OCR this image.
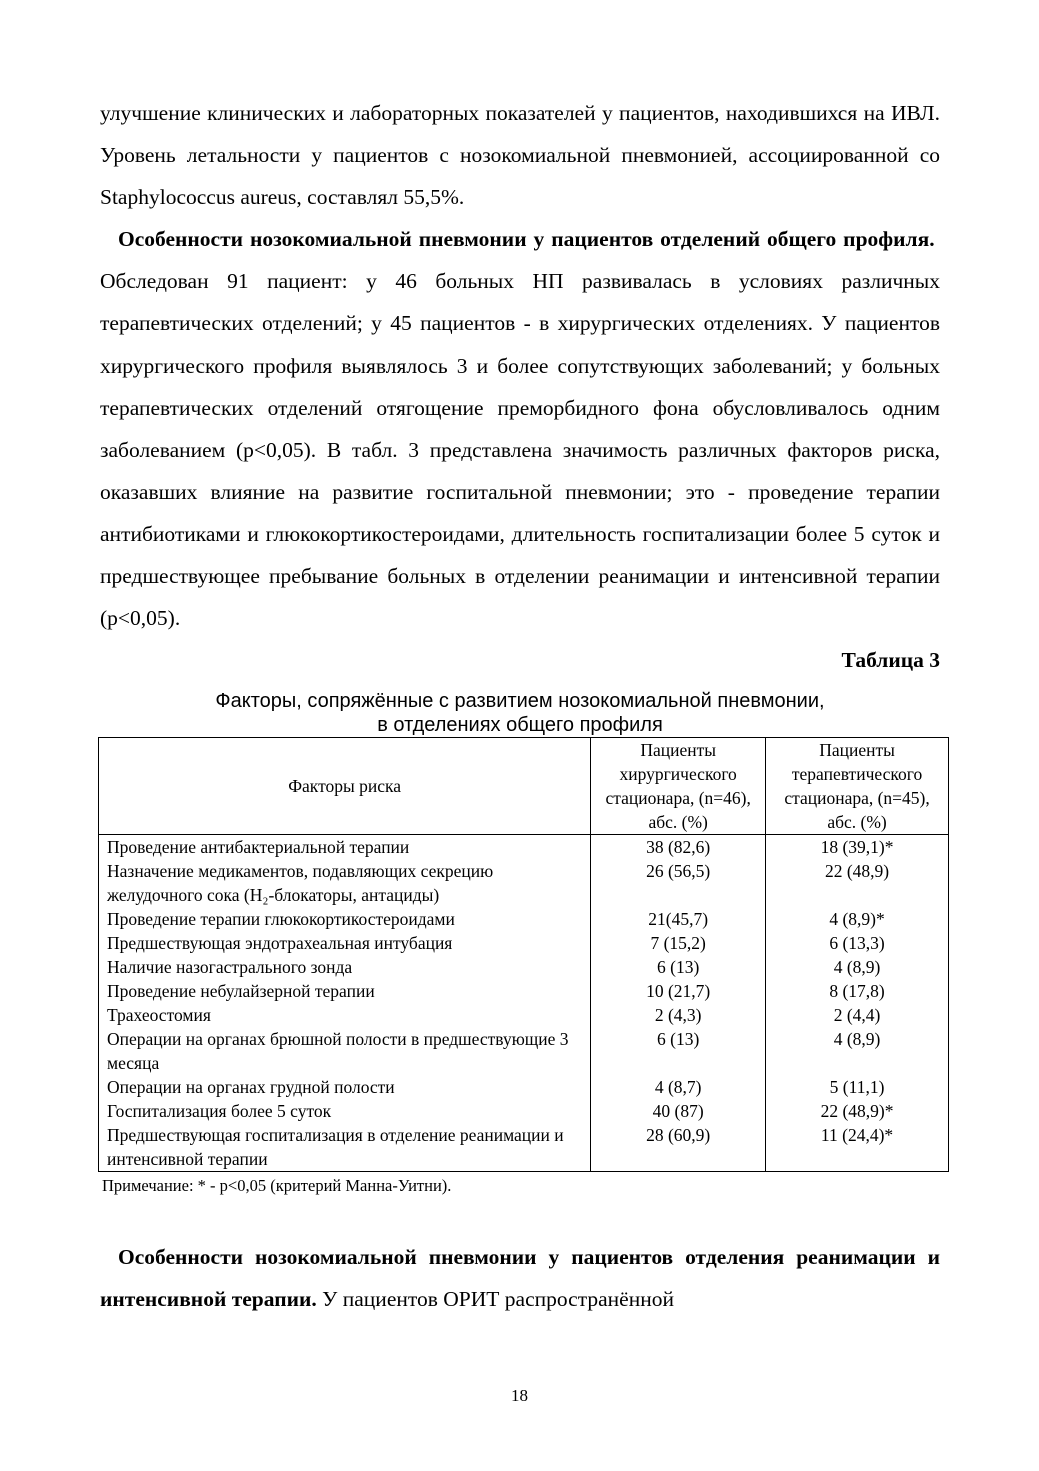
улучшение клинических и лабораторных показателей у пациентов, находившихся на ИВЛ. Уровень летальности у пациентов с нозокомиальной пневмонией, ассоциированной со Staphylococcus aureus, составлял 55,5%.

Особенности нозокомиальной пневмонии у пациентов отделений общего профиля.  Обследован 91 пациент: у 46 больных НП развивалась в условиях различных терапевтических отделений; у 45 пациентов - в хирургических отделениях. У пациентов хирургического профиля выявлялось 3 и более сопутствующих заболеваний; у больных терапевтических отделений отягощение преморбидного фона обусловливалось одним заболеванием (p<0,05). В табл. 3 представлена значимость различных факторов риска, оказавших влияние на развитие госпитальной пневмонии; это - проведение терапии антибиотиками и глюкокортикостероидами, длительность госпитализации более 5 суток и предшествующее пребывание больных в отделении реанимации и интенсивной терапии (p<0,05).

Таблица 3

Факторы, сопряжённые с развитием нозокомиальной пневмонии,
в отделениях общего профиля
Факторы риска	Пациенты хирургического стационара, (n=46), абс. (%)	Пациенты терапевтического стационара, (n=45), абс. (%)
Проведение антибактериальной терапии	38 (82,6)	18 (39,1)*
Назначение медикаментов, подавляющих секрецию желудочного сока (H₂-блокаторы, антациды)	26 (56,5)	22 (48,9)
Проведение терапии глюкокортикостероидами	21(45,7)	4 (8,9)*
Предшествующая эндотрахеальная интубация	7 (15,2)	6 (13,3)
Наличие назогастрального зонда	6 (13)	4 (8,9)
Проведение небулайзерной терапии	10 (21,7)	8 (17,8)
Трахеостомия	2 (4,3)	2 (4,4)
Операции на органах брюшной полости в предшествующие 3 месяца	6 (13)	4 (8,9)
Операции на органах грудной полости	4 (8,7)	5 (11,1)
Госпитализация более 5 суток	40 (87)	22 (48,9)*
Предшествующая госпитализация в отделение реанимации и интенсивной терапии	28 (60,9)	11 (24,4)*

Примечание: * - p<0,05 (критерий Манна-Уитни).

Особенности нозокомиальной пневмонии у пациентов отделения реанимации и интенсивной терапии. У пациентов ОРИТ распространённой

18
